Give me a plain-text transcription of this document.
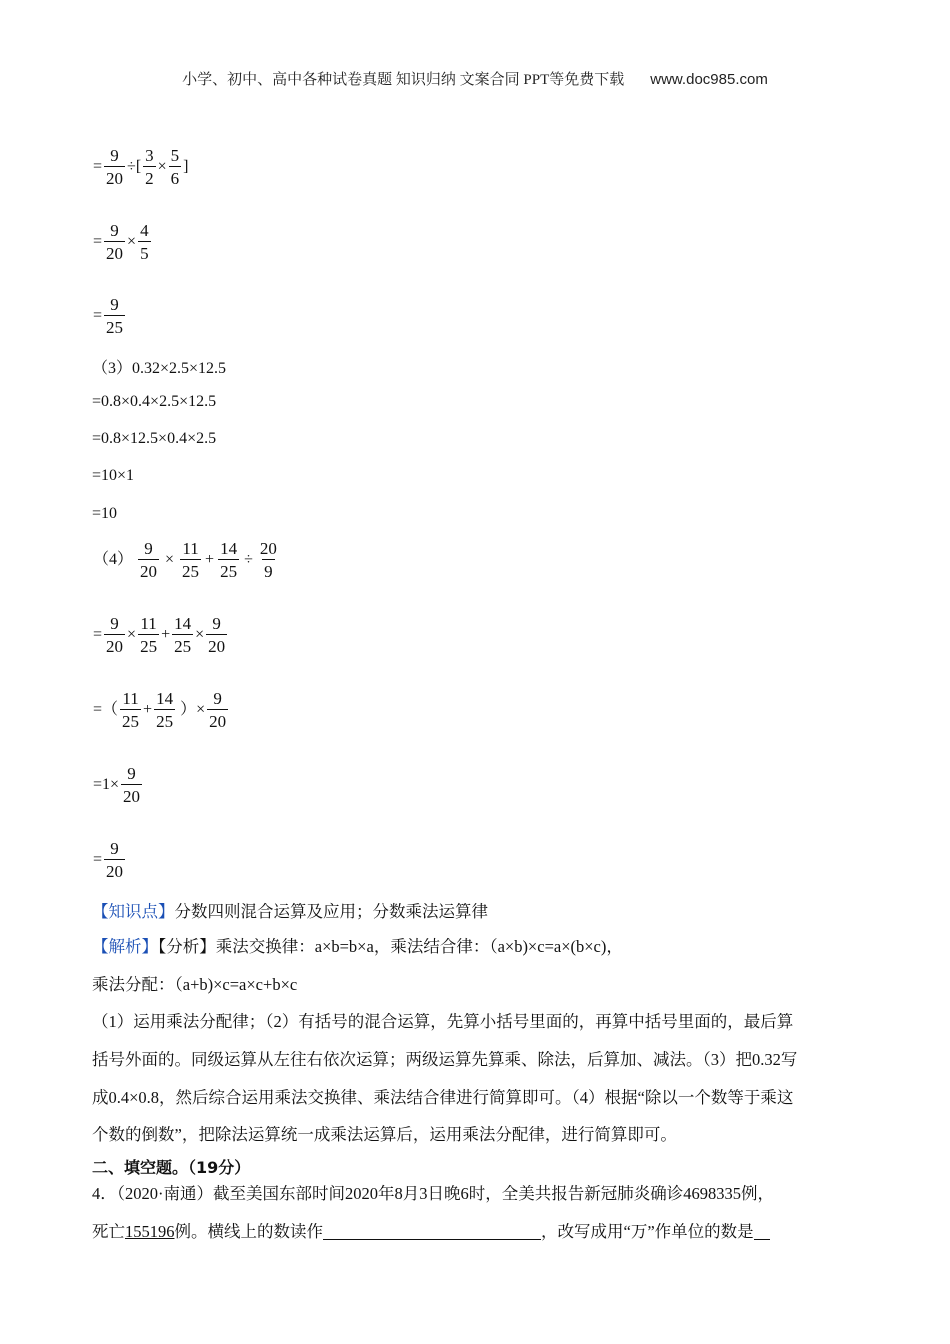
小学、初中、高中各种试卷真题 知识归纳 文案合同 PPT等免费下载 www.doc985.com
= $\frac{9}{20}$ ÷[ $\frac{3}{2} \times \frac{5}{6}$ ]
= $\frac{9}{20} \times \frac{4}{5}$
= $\frac{9}{25}$
（3）0.32×2.5×12.5
=0.8×0.4×2.5×12.5
=0.8×12.5×0.4×2.5
=10×1
=10
$(4) \frac{9}{20} \times \frac{11}{25} + \frac{14}{25} \div \frac{20}{9}$
= $\frac{9}{20} \times \frac{11}{25} + \frac{14}{25} \times \frac{9}{20}$
=（ $\frac{11}{25} + \frac{14}{25}$ ）× $\frac{9}{20}$
$=1\times \frac{9}{20}$
= $\frac{9}{20}$
【知识点】分数四则混合运算及应用；分数乘法运算律
【解析】【分析】乘法交换律：a×b=b×a，乘法结合律：（a×b)×c=a×(b×c)，
乘法分配：（a+b)×c=a×c+b×c
（1）运用乘法分配律；（2）有括号的混合运算，先算小括号里面的，再算中括号里面的，最后算
括号外面的。同级运算从左往右依次运算；两级运算先算乘、除法，后算加、减法。（3）把0.32写
成0.4×0.8，然后综合运用乘法交换律、乘法结合律进行简算即可。（4）根据“除以一个数等于乘这
个数的倒数”，把除法运算统一成乘法运算后，运用乘法分配律，进行简算即可。
二、填空题。（19分）
4．（2020·南通）截至美国东部时间2020年8月3日晚6时，全美共报告新冠肺炎确诊4698335例，
死亡155196例。横线上的数读作	，改写成用“万”作单位的数是
